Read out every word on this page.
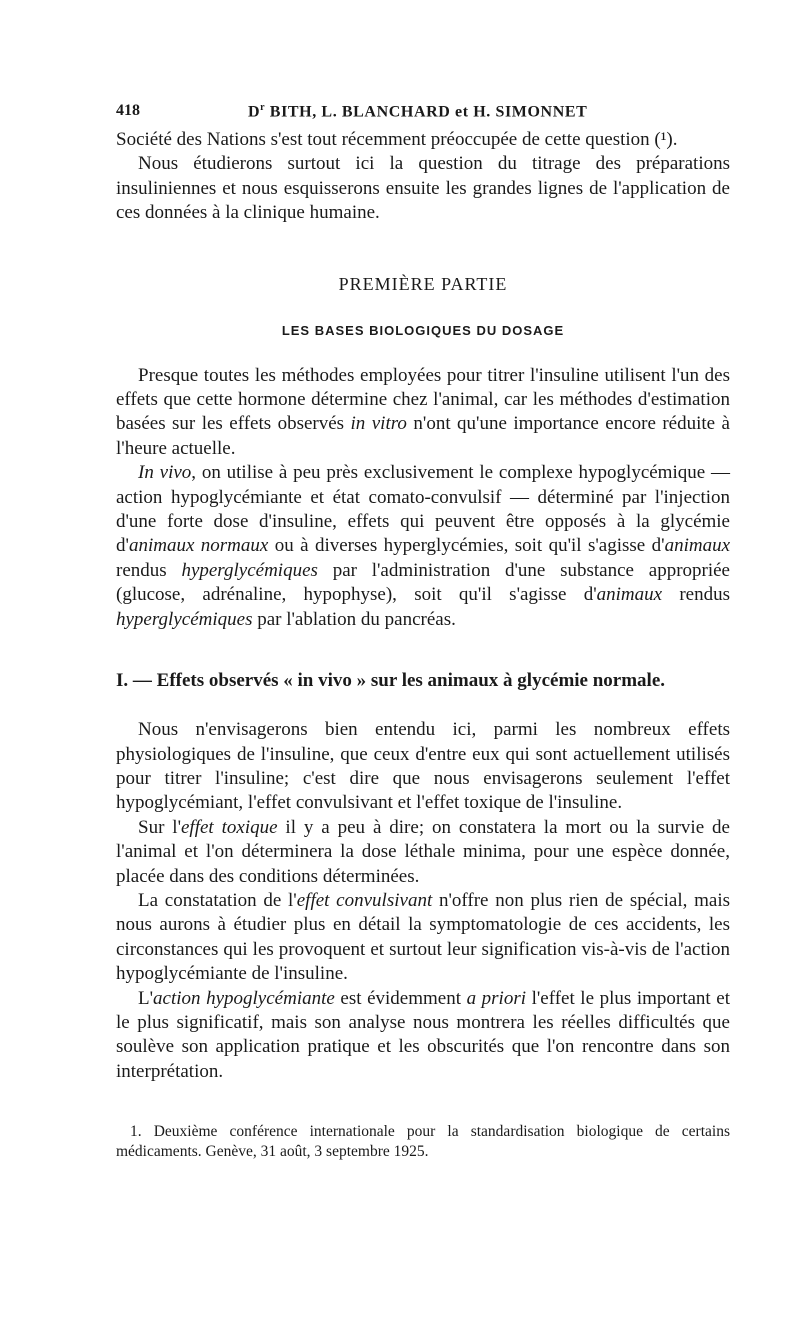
418	$D^r$ BITH, L. BLANCHARD et H. SIMONNET

Société des Nations s'est tout récemment préoccupée de cette question (¹).

Nous étudierons surtout ici la question du titrage des préparations insuliniennes et nous esquisserons ensuite les grandes lignes de l'application de ces données à la clinique humaine.

PREMIÈRE PARTIE
LES BASES BIOLOGIQUES DU DOSAGE

Presque toutes les méthodes employées pour titrer l'insuline utilisent l'un des effets que cette hormone détermine chez l'animal, car les méthodes d'estimation basées sur les effets observés in vitro n'ont qu'une importance encore réduite à l'heure actuelle.

In vivo, on utilise à peu près exclusivement le complexe hypoglycémique — action hypoglycémiante et état comato-convulsif — déterminé par l'injection d'une forte dose d'insuline, effets qui peuvent être opposés à la glycémie d'animaux normaux ou à diverses hyperglycémies, soit qu'il s'agisse d'animaux rendus hyperglycémiques par l'administration d'une substance appropriée (glucose, adrénaline, hypophyse), soit qu'il s'agisse d'animaux rendus hyperglycémiques par l'ablation du pancréas.

I. — Effets observés « in vivo » sur les animaux à glycémie normale.

Nous n'envisagerons bien entendu ici, parmi les nombreux effets physiologiques de l'insuline, que ceux d'entre eux qui sont actuellement utilisés pour titrer l'insuline; c'est dire que nous envisagerons seulement l'effet hypoglycémiant, l'effet convulsivant et l'effet toxique de l'insuline.

Sur l'effet toxique il y a peu à dire; on constatera la mort ou la survie de l'animal et l'on déterminera la dose léthale minima, pour une espèce donnée, placée dans des conditions déterminées.

La constatation de l'effet convulsivant n'offre non plus rien de spécial, mais nous aurons à étudier plus en détail la symptomatologie de ces accidents, les circonstances qui les provoquent et surtout leur signification vis-à-vis de l'action hypoglycémiante de l'insuline.

L'action hypoglycémiante est évidemment a priori l'effet le plus important et le plus significatif, mais son analyse nous montrera les réelles difficultés que soulève son application pratique et les obscurités que l'on rencontre dans son interprétation.

1. Deuxième conférence internationale pour la standardisation biologique de certains médicaments. Genève, 31 août, 3 septembre 1925.
